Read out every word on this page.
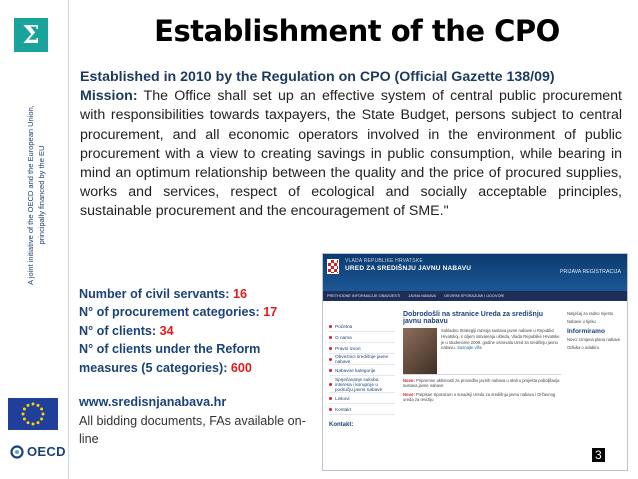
Σ
A joint initiative of the OECD and the European Union, principally financed by the EU
OECD
Establishment of the CPO
Established in 2010 by the Regulation on CPO (Official Gazette 138/09)
Mission: The Office shall set up an effective system of central public procurement with responsibilities towards taxpayers, the State Budget, persons subject to central procurement, and all economic operators involved in the environment of public procurement with a view to creating savings in public consumption, while bearing in mind an optimum relationship between the quality and the price of procured supplies, works and services, respect of ecological and socially acceptable principles, sustainable procurement and the encouragement of SME."
Number of civil servants: 16
N° of procurement categories: 17
N° of clients: 34
N° of clients under the Reform measures (5 categories): 600
www.sredisnjanabava.hr
All bidding documents, FAs available on-line
VLADA REPUBLIKE HRVATSKE
URED ZA SREDIŠNJU JAVNU NABAVU	PRIJAVA REGISTRACIJA
PRETHODNE INFORMACIJE OBAVIJESTI JAVNA NABAVA OKVIRNI SPORAZUMI I UGOVORI
Početna
O nama
Pravni izvori
Obveznici središnje javne nabave
Nabavne kategorije
Sprječavanje sukoba interesa i korupcije u području javne nabave
Linkovi
Kontakt
Kontakt:
Dobrodošli na stranice Ureda za središnju javnu nabavu
Sukladno Strategiji razvoja sustava javne nabave u Republici Hrvatskoj, s ciljem ostvarenja ušteda, Vlada Republike Hrvatske je u studenome 2009. godine osnovala Ured za središnju javnu nabavu. Saznajte više
Novo: Pripremne aktivnosti za provedbu javnih nabava u okviru projekta poboljšanja sustava javne nabave
Novo: Potpisan Sporazum o suradnji Ureda za središnju javnu nabavu i Državnog ureda za reviziju
Natječaj za radno mjesto
Nabave u tijeku
Informiramo
Novo: Izmjena plana nabave
Odluka o odabiru
3
